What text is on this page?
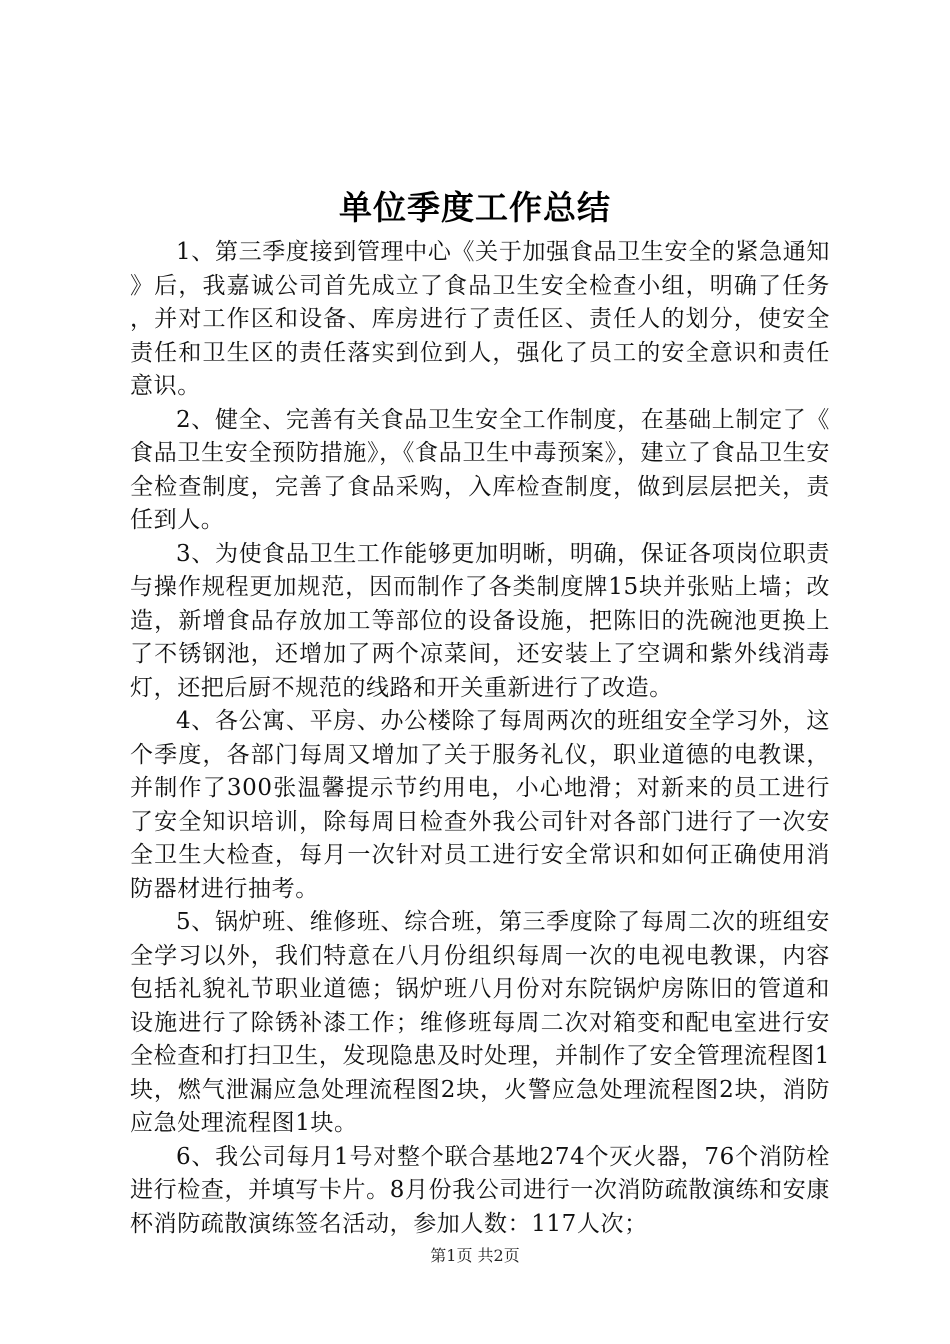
单位季度工作总结

1、第三季度接到管理中心《关于加强食品卫生安全的紧急通知》后，我嘉诚公司首先成立了食品卫生安全检查小组，明确了任务，并对工作区和设备、库房进行了责任区、责任人的划分，使安全责任和卫生区的责任落实到位到人，强化了员工的安全意识和责任意识。

2、健全、完善有关食品卫生安全工作制度，在基础上制定了《食品卫生安全预防措施》，《食品卫生中毒预案》，建立了食品卫生安全检查制度，完善了食品采购，入库检查制度，做到层层把关，责任到人。

3、为使食品卫生工作能够更加明晰，明确，保证各项岗位职责与操作规程更加规范，因而制作了各类制度牌15块并张贴上墙；改造，新增食品存放加工等部位的设备设施，把陈旧的洗碗池更换上了不锈钢池，还增加了两个凉菜间，还安装上了空调和紫外线消毒灯，还把后厨不规范的线路和开关重新进行了改造。

4、各公寓、平房、办公楼除了每周两次的班组安全学习外，这个季度，各部门每周又增加了关于服务礼仪，职业道德的电教课，并制作了300张温馨提示节约用电，小心地滑；对新来的员工进行了安全知识培训，除每周日检查外我公司针对各部门进行了一次安全卫生大检查，每月一次针对员工进行安全常识和如何正确使用消防器材进行抽考。

5、锅炉班、维修班、综合班，第三季度除了每周二次的班组安全学习以外，我们特意在八月份组织每周一次的电视电教课，内容包括礼貌礼节职业道德；锅炉班八月份对东院锅炉房陈旧的管道和设施进行了除锈补漆工作；维修班每周二次对箱变和配电室进行安全检查和打扫卫生，发现隐患及时处理，并制作了安全管理流程图1块，燃气泄漏应急处理流程图2块，火警应急处理流程图2块，消防应急处理流程图1块。

6、我公司每月1号对整个联合基地274个灭火器，76个消防栓进行检查，并填写卡片。8月份我公司进行一次消防疏散演练和安康杯消防疏散演练签名活动，参加人数：117人次；

第1页 共2页
